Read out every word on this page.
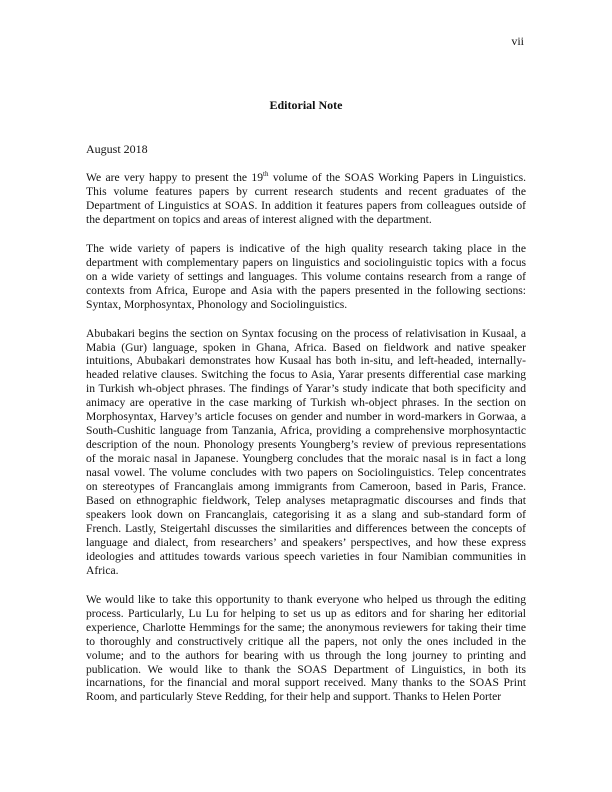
vii
Editorial Note
August 2018

We are very happy to present the 19th volume of the SOAS Working Papers in Linguistics. This volume features papers by current research students and recent graduates of the Department of Linguistics at SOAS. In addition it features papers from colleagues outside of the department on topics and areas of interest aligned with the department.

The wide variety of papers is indicative of the high quality research taking place in the department with complementary papers on linguistics and sociolinguistic topics with a focus on a wide variety of settings and languages. This volume contains research from a range of contexts from Africa, Europe and Asia with the papers presented in the following sections: Syntax, Morphosyntax, Phonology and Sociolinguistics.

Abubakari begins the section on Syntax focusing on the process of relativisation in Kusaal, a Mabia (Gur) language, spoken in Ghana, Africa. Based on fieldwork and native speaker intuitions, Abubakari demonstrates how Kusaal has both in-situ, and left-headed, internally-headed relative clauses. Switching the focus to Asia, Yarar presents differential case marking in Turkish wh-object phrases. The findings of Yarar’s study indicate that both specificity and animacy are operative in the case marking of Turkish wh-object phrases. In the section on Morphosyntax, Harvey’s article focuses on gender and number in word-markers in Gorwaa, a South-Cushitic language from Tanzania, Africa, providing a comprehensive morphosyntactic description of the noun. Phonology presents Youngberg’s review of previous representations of the moraic nasal in Japanese. Youngberg concludes that the moraic nasal is in fact a long nasal vowel. The volume concludes with two papers on Sociolinguistics. Telep concentrates on stereotypes of Francanglais among immigrants from Cameroon, based in Paris, France. Based on ethnographic fieldwork, Telep analyses metapragmatic discourses and finds that speakers look down on Francanglais, categorising it as a slang and sub-standard form of French. Lastly, Steigertahl discusses the similarities and differences between the concepts of language and dialect, from researchers’ and speakers’ perspectives, and how these express ideologies and attitudes towards various speech varieties in four Namibian communities in Africa.

We would like to take this opportunity to thank everyone who helped us through the editing process. Particularly, Lu Lu for helping to set us up as editors and for sharing her editorial experience, Charlotte Hemmings for the same; the anonymous reviewers for taking their time to thoroughly and constructively critique all the papers, not only the ones included in the volume; and to the authors for bearing with us through the long journey to printing and publication. We would like to thank the SOAS Department of Linguistics, in both its incarnations, for the financial and moral support received. Many thanks to the SOAS Print Room, and particularly Steve Redding, for their help and support. Thanks to Helen Porter
